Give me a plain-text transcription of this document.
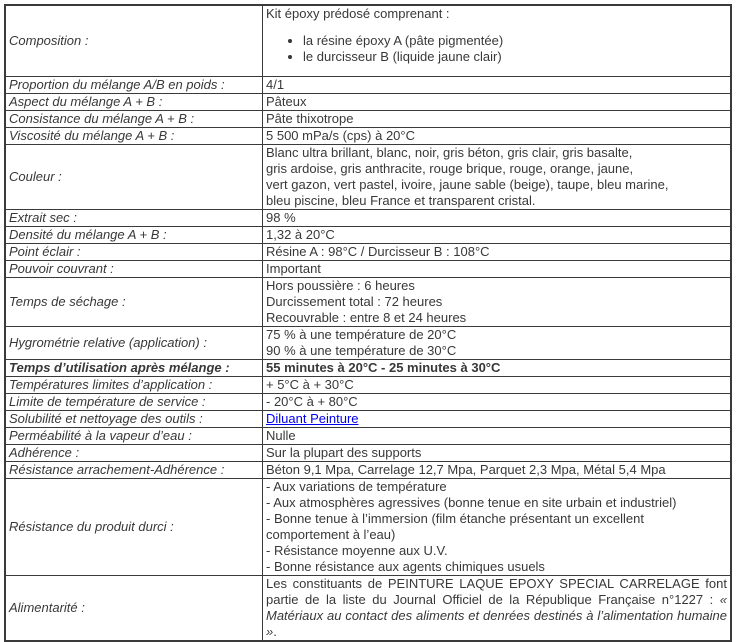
Composition :	
Kit époxy prédosé comprenant :
• la résine époxy A (pâte pigmentée)
• le durcisseur B (liquide jaune clair)

Proportion du mélange A/B en poids :	4/1
Aspect du mélange A + B :	Pâteux
Consistance du mélange A + B :	Pâte thixotrope
Viscosité du mélange A + B :	5 500 mPa/s (cps) à 20°C
Couleur :	Blanc ultra brillant, blanc, noir, gris béton, gris clair, gris basalte,
gris ardoise, gris anthracite, rouge brique, rouge, orange, jaune,
vert gazon, vert pastel, ivoire, jaune sable (beige), taupe, bleu marine,
bleu piscine, bleu France et transparent cristal.

Extrait sec :	98 %
Densité du mélange A + B :	1,32 à 20°C
Point éclair :	Résine A : 98°C / Durcisseur B : 108°C
Pouvoir couvrant :	Important
Temps de séchage :	Hors poussière : 6 heures
Durcissement total : 72 heures
Recouvrable : entre 8 et 24 heures

Hygrométrie relative (application) :	75 % à une température de 20°C
90 % à une température de 30°C

Temps d’utilisation après mélange :	55 minutes à 20°C - 25 minutes à 30°C
Températures limites d’application :	+ 5°C à + 30°C
Limite de température de service :	- 20°C à + 80°C
Solubilité et nettoyage des outils :	Diluant Peinture
Perméabilité à la vapeur d’eau :	Nulle
Adhérence :	Sur la plupart des supports
Résistance arrachement-Adhérence :	Béton 9,1 Mpa, Carrelage 12,7 Mpa, Parquet 2,3 Mpa, Métal 5,4 Mpa
Résistance du produit durci :	- Aux variations de température
- Aux atmosphères agressives (bonne tenue en site urbain et industriel)
- Bonne tenue à l’immersion (film étanche présentant un excellent comportement à l’eau)
- Résistance moyenne aux U.V.
- Bonne résistance aux agents chimiques usuels

Alimentarité :	Les constituants de PEINTURE LAQUE EPOXY SPECIAL CARRELAGE font partie de la liste du Journal Officiel de la République Française n°1227 : « Matériaux au contact des aliments et denrées destinés à l’alimentation humaine ».
